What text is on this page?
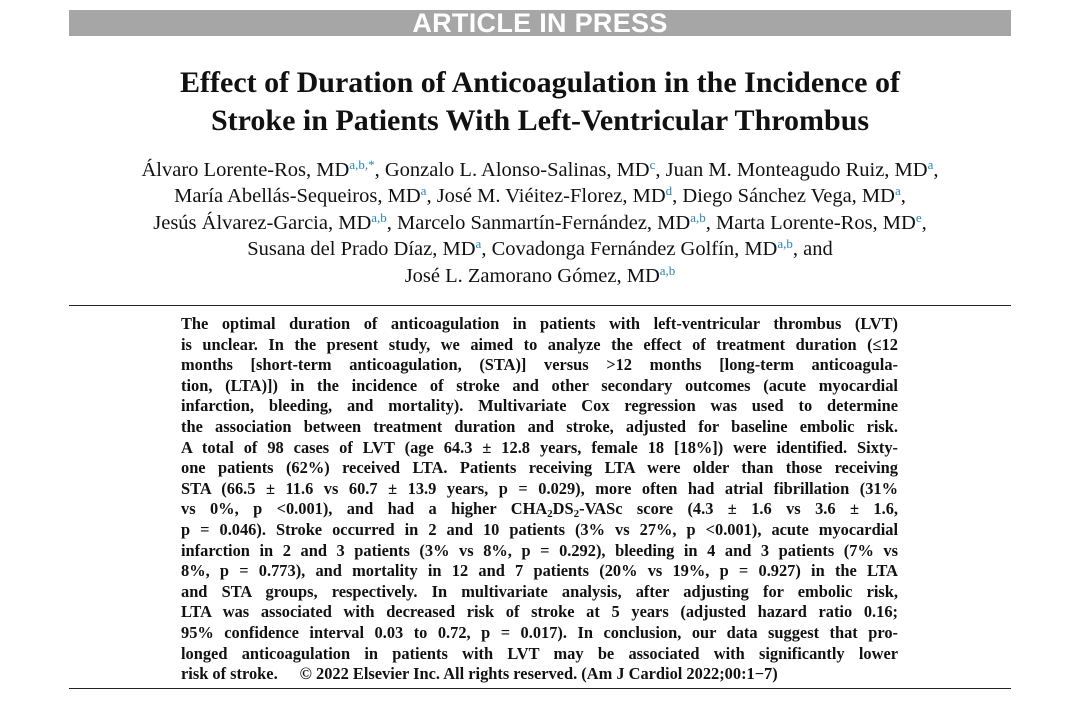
ARTICLE IN PRESS
Effect of Duration of Anticoagulation in the Incidence of
Stroke in Patients With Left-Ventricular Thrombus
Álvaro Lorente-Ros, MD$^{a,b,*}$, Gonzalo L. Alonso-Salinas, MD$^c$, Juan M. Monteagudo Ruiz, MD$^a$,
María Abellás-Sequeiros, MD$^a$, José M. Viéitez-Florez, MD$^d$, Diego Sánchez Vega, MD$^a$,
Jesús Álvarez-Garcia, MD$^{a,b}$, Marcelo Sanmartín-Fernández, MD$^{a,b}$, Marta Lorente-Ros, MDe,
Susana del Prado Díaz, MD$^a$, Covadonga Fernández Golfín, MD$^{a,b}$, and
José L. Zamorano Gómez, MD$^{a,b}$
The optimal duration of anticoagulation in patients with left-ventricular thrombus (LVT)
is unclear. In the present study, we aimed to analyze the effect of treatment duration (≤12
months [short-term anticoagulation, (STA)] versus >12 months [long-term anticoagula-
tion, (LTA)]) in the incidence of stroke and other secondary outcomes (acute myocardial
infarction, bleeding, and mortality). Multivariate Cox regression was used to determine
the association between treatment duration and stroke, adjusted for baseline embolic risk.
A total of 98 cases of LVT (age 64.3 ± 12.8 years, female 18 [18%]) were identified. Sixty-
one patients (62%) received LTA. Patients receiving LTA were older than those receiving
STA (66.5 ± 11.6 vs 60.7 ± 13.9 years, p = 0.029), more often had atrial fibrillation (31%
vs 0%, p <0.001), and had a higher $CHA_2DS_2$-VASc score (4.3 ± 1.6 vs 3.6 ± 1.6,
p = 0.046). Stroke occurred in 2 and 10 patients (3% vs 27%, p <0.001), acute myocardial
infarction in 2 and 3 patients (3% vs 8%, p = 0.292), bleeding in 4 and 3 patients (7% vs
8%, p = 0.773), and mortality in 12 and 7 patients (20% vs 19%, p = 0.927) in the LTA
and STA groups, respectively. In multivariate analysis, after adjusting for embolic risk,
LTA was associated with decreased risk of stroke at 5 years (adjusted hazard ratio 0.16;
95% confidence interval 0.03 to 0.72, p = 0.017). In conclusion, our data suggest that pro-
longed anticoagulation in patients with LVT may be associated with significantly lower
risk of stroke. © 2022 Elsevier Inc. All rights reserved. (Am J Cardiol 2022;00:1−7)
